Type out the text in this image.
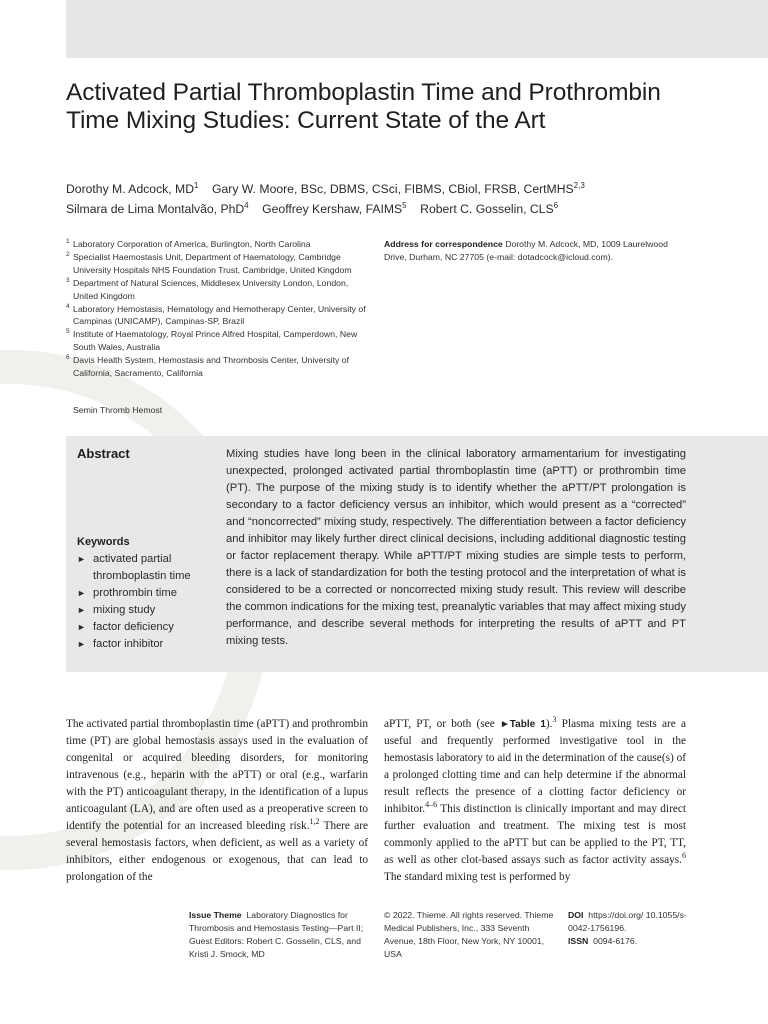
Activated Partial Thromboplastin Time and Prothrombin Time Mixing Studies: Current State of the Art
Dorothy M. Adcock, $MD^1$ Gary W. Moore, BSc, DBMS, CSci, FIBMS, CBiol, FRSB, CertMHS$^{2,3}$
Silmara de Lima Montalvão, PhD$^4$ Geoffrey Kershaw, FAIMS$^5$ Robert C. Gosselin, CLS$^6$
1 Laboratory Corporation of America, Burlington, North Carolina
2 Specialist Haemostasis Unit, Department of Haematology, Cambridge University Hospitals NHS Foundation Trust, Cambridge, United Kingdom
3 Department of Natural Sciences, Middlesex University London, London, United Kingdom
4 Laboratory Hemostasis, Hematology and Hemotherapy Center, University of Campinas (UNICAMP), Campinas-SP, Brazil
5 Institute of Haematology, Royal Prince Alfred Hospital, Camperdown, New South Wales, Australia
6 Davis Health System, Hemostasis and Thrombosis Center, University of California, Sacramento, California
Address for correspondence Dorothy M. Adcock, MD, 1009 Laurelwood Drive, Durham, NC 27705 (e-mail: dotadcock@icloud.com).
Semin Thromb Hemost
Abstract	Mixing studies have long been in the clinical laboratory armamentarium for investigating unexpected, prolonged activated partial thromboplastin time (aPTT) or prothrombin time (PT). The purpose of the mixing study is to identify whether the aPTT/PT prolongation is secondary to a factor deficiency versus an inhibitor, which would present as a “corrected” and “noncorrected” mixing study, respectively. The differentiation between a factor deficiency and inhibitor may likely further direct clinical decisions, including additional diagnostic testing or factor replacement therapy. While aPTT/PT mixing studies are simple tests to perform, there is a lack of standardization for both the testing protocol and the interpretation of what is considered to be a corrected or noncorrected mixing study result. This review will describe the common indications for the mixing test, preanalytic variables that may affect mixing study performance, and describe several methods for interpreting the results of aPTT and PT mixing tests.
Keywords
► activated partial thromboplastin time
► prothrombin time
► mixing study
► factor deficiency
► factor inhibitor
The activated partial thromboplastin time (aPTT) and prothrombin time (PT) are global hemostasis assays used in the evaluation of congenital or acquired bleeding disorders, for monitoring intravenous (e.g., heparin with the aPTT) or oral (e.g., warfarin with the PT) anticoagulant therapy, in the identification of a lupus anticoagulant (LA), and are often used as a preoperative screen to identify the potential for an increased bleeding risk.$^{1,2}$ There are several hemostasis factors, when deficient, as well as a variety of inhibitors, either endogenous or exogenous, that can lead to prolongation of the
aPTT, PT, or both (see ►Table 1).$^3$ Plasma mixing tests are a useful and frequently performed investigative tool in the hemostasis laboratory to aid in the determination of the cause(s) of a prolonged clotting time and can help determine if the abnormal result reflects the presence of a clotting factor deficiency or inhibitor.$^{4-6}$ This distinction is clinically important and may direct further evaluation and treatment. The mixing test is most commonly applied to the aPTT but can be applied to the PT, TT, as well as other clot-based assays such as factor activity assays.$^6$ The standard mixing test is performed by
Issue Theme Laboratory Diagnostics for Thrombosis and Hemostasis Testing—Part II; Guest Editors: Robert C. Gosselin, CLS, and Kristi J. Smock, MD
© 2022. Thieme. All rights reserved. Thieme Medical Publishers, Inc., 333 Seventh Avenue, 18th Floor, New York, NY 10001, USA
DOI https://doi.org/ 10.1055/s-0042-1756196.
ISSN 0094-6176.
